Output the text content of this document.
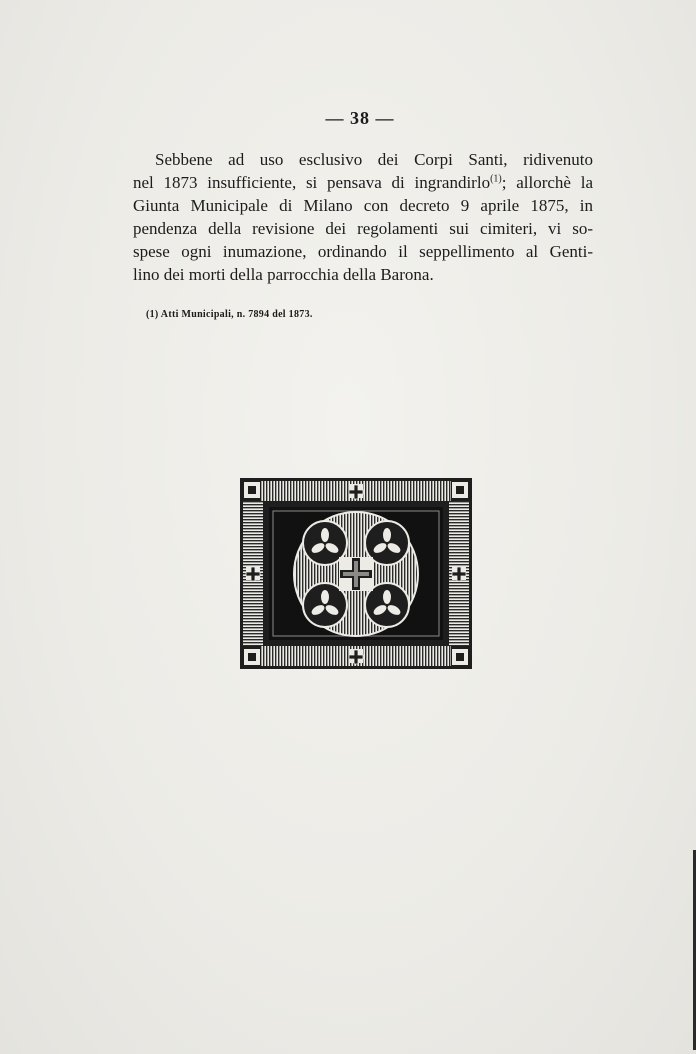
— 38 —
Sebbene ad uso esclusivo dei Corpi Santi, ridivenuto
nel 1873 insufficiente, si pensava di ingrandirlo$^{(1)}$; allorchè la
Giunta Municipale di Milano con decreto 9 aprile 1875, in
pendenza della revisione dei regolamenti sui cimiteri, vi so-
spese ogni inumazione, ordinando il seppellimento al Genti-
lino dei morti della parrocchia della Barona.
(1) Atti Municipali, n. 7894 del 1873.
